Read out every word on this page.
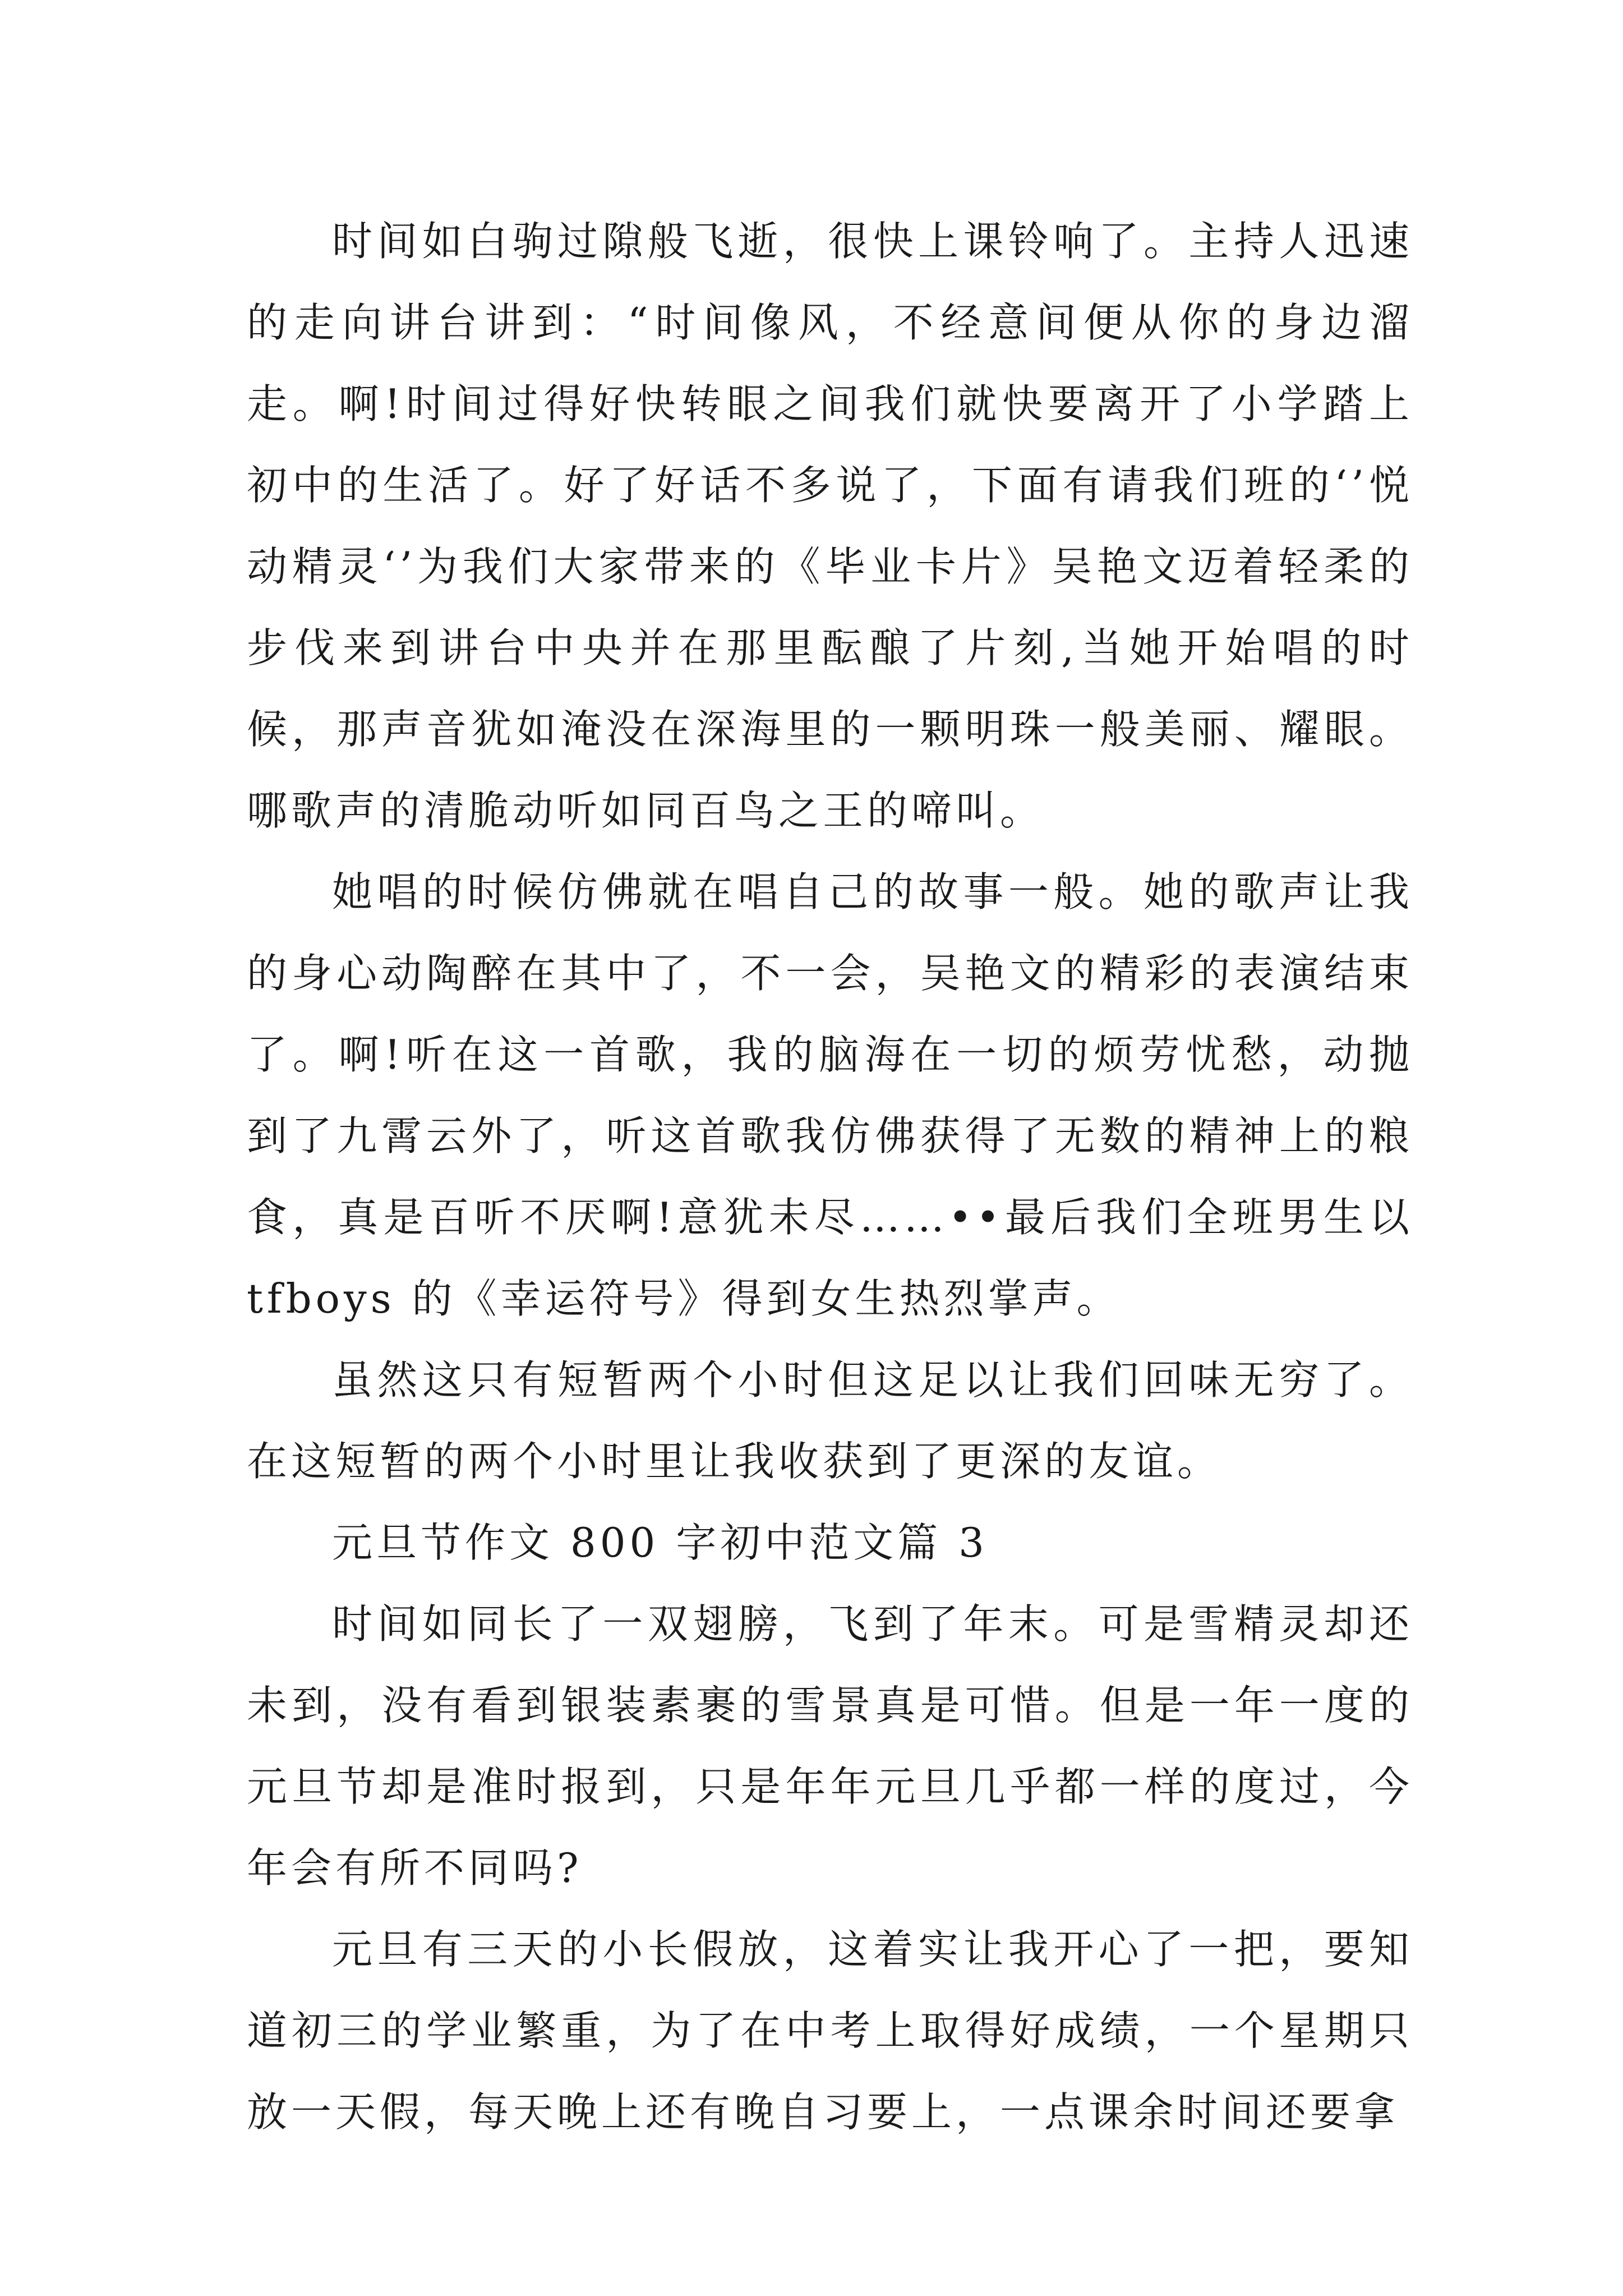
时间如白驹过隙般飞逝，很快上课铃响了。主持人迅速的走向讲台讲到：“时间像风，不经意间便从你的身边溜走。啊!时间过得好快转眼之间我们就快要离开了小学踏上初中的生活了。好了好话不多说了，下面有请我们班的‘’悦动精灵‘’为我们大家带来的《毕业卡片》吴艳文迈着轻柔的步伐来到讲台中央并在那里酝酿了片刻,当她开始唱的时候，那声音犹如淹没在深海里的一颗明珠一般美丽、耀眼。哪歌声的清脆动听如同百鸟之王的啼叫。

她唱的时候仿佛就在唱自己的故事一般。她的歌声让我的身心动陶醉在其中了，不一会，吴艳文的精彩的表演结束了。啊!听在这一首歌，我的脑海在一切的烦劳忧愁，动抛到了九霄云外了，听这首歌我仿佛获得了无数的精神上的粮食，真是百听不厌啊!意犹未尽……••最后我们全班男生以 tfboys 的《幸运符号》得到女生热烈掌声。

虽然这只有短暂两个小时但这足以让我们回味无穷了。在这短暂的两个小时里让我收获到了更深的友谊。

元旦节作文 800 字初中范文篇 3

时间如同长了一双翅膀，飞到了年末。可是雪精灵却还未到，没有看到银装素裹的雪景真是可惜。但是一年一度的元旦节却是准时报到，只是年年元旦几乎都一样的度过，今年会有所不同吗?

元旦有三天的小长假放，这着实让我开心了一把，要知道初三的学业繁重，为了在中考上取得好成绩，一个星期只放一天假，每天晚上还有晚自习要上，一点课余时间还要拿
